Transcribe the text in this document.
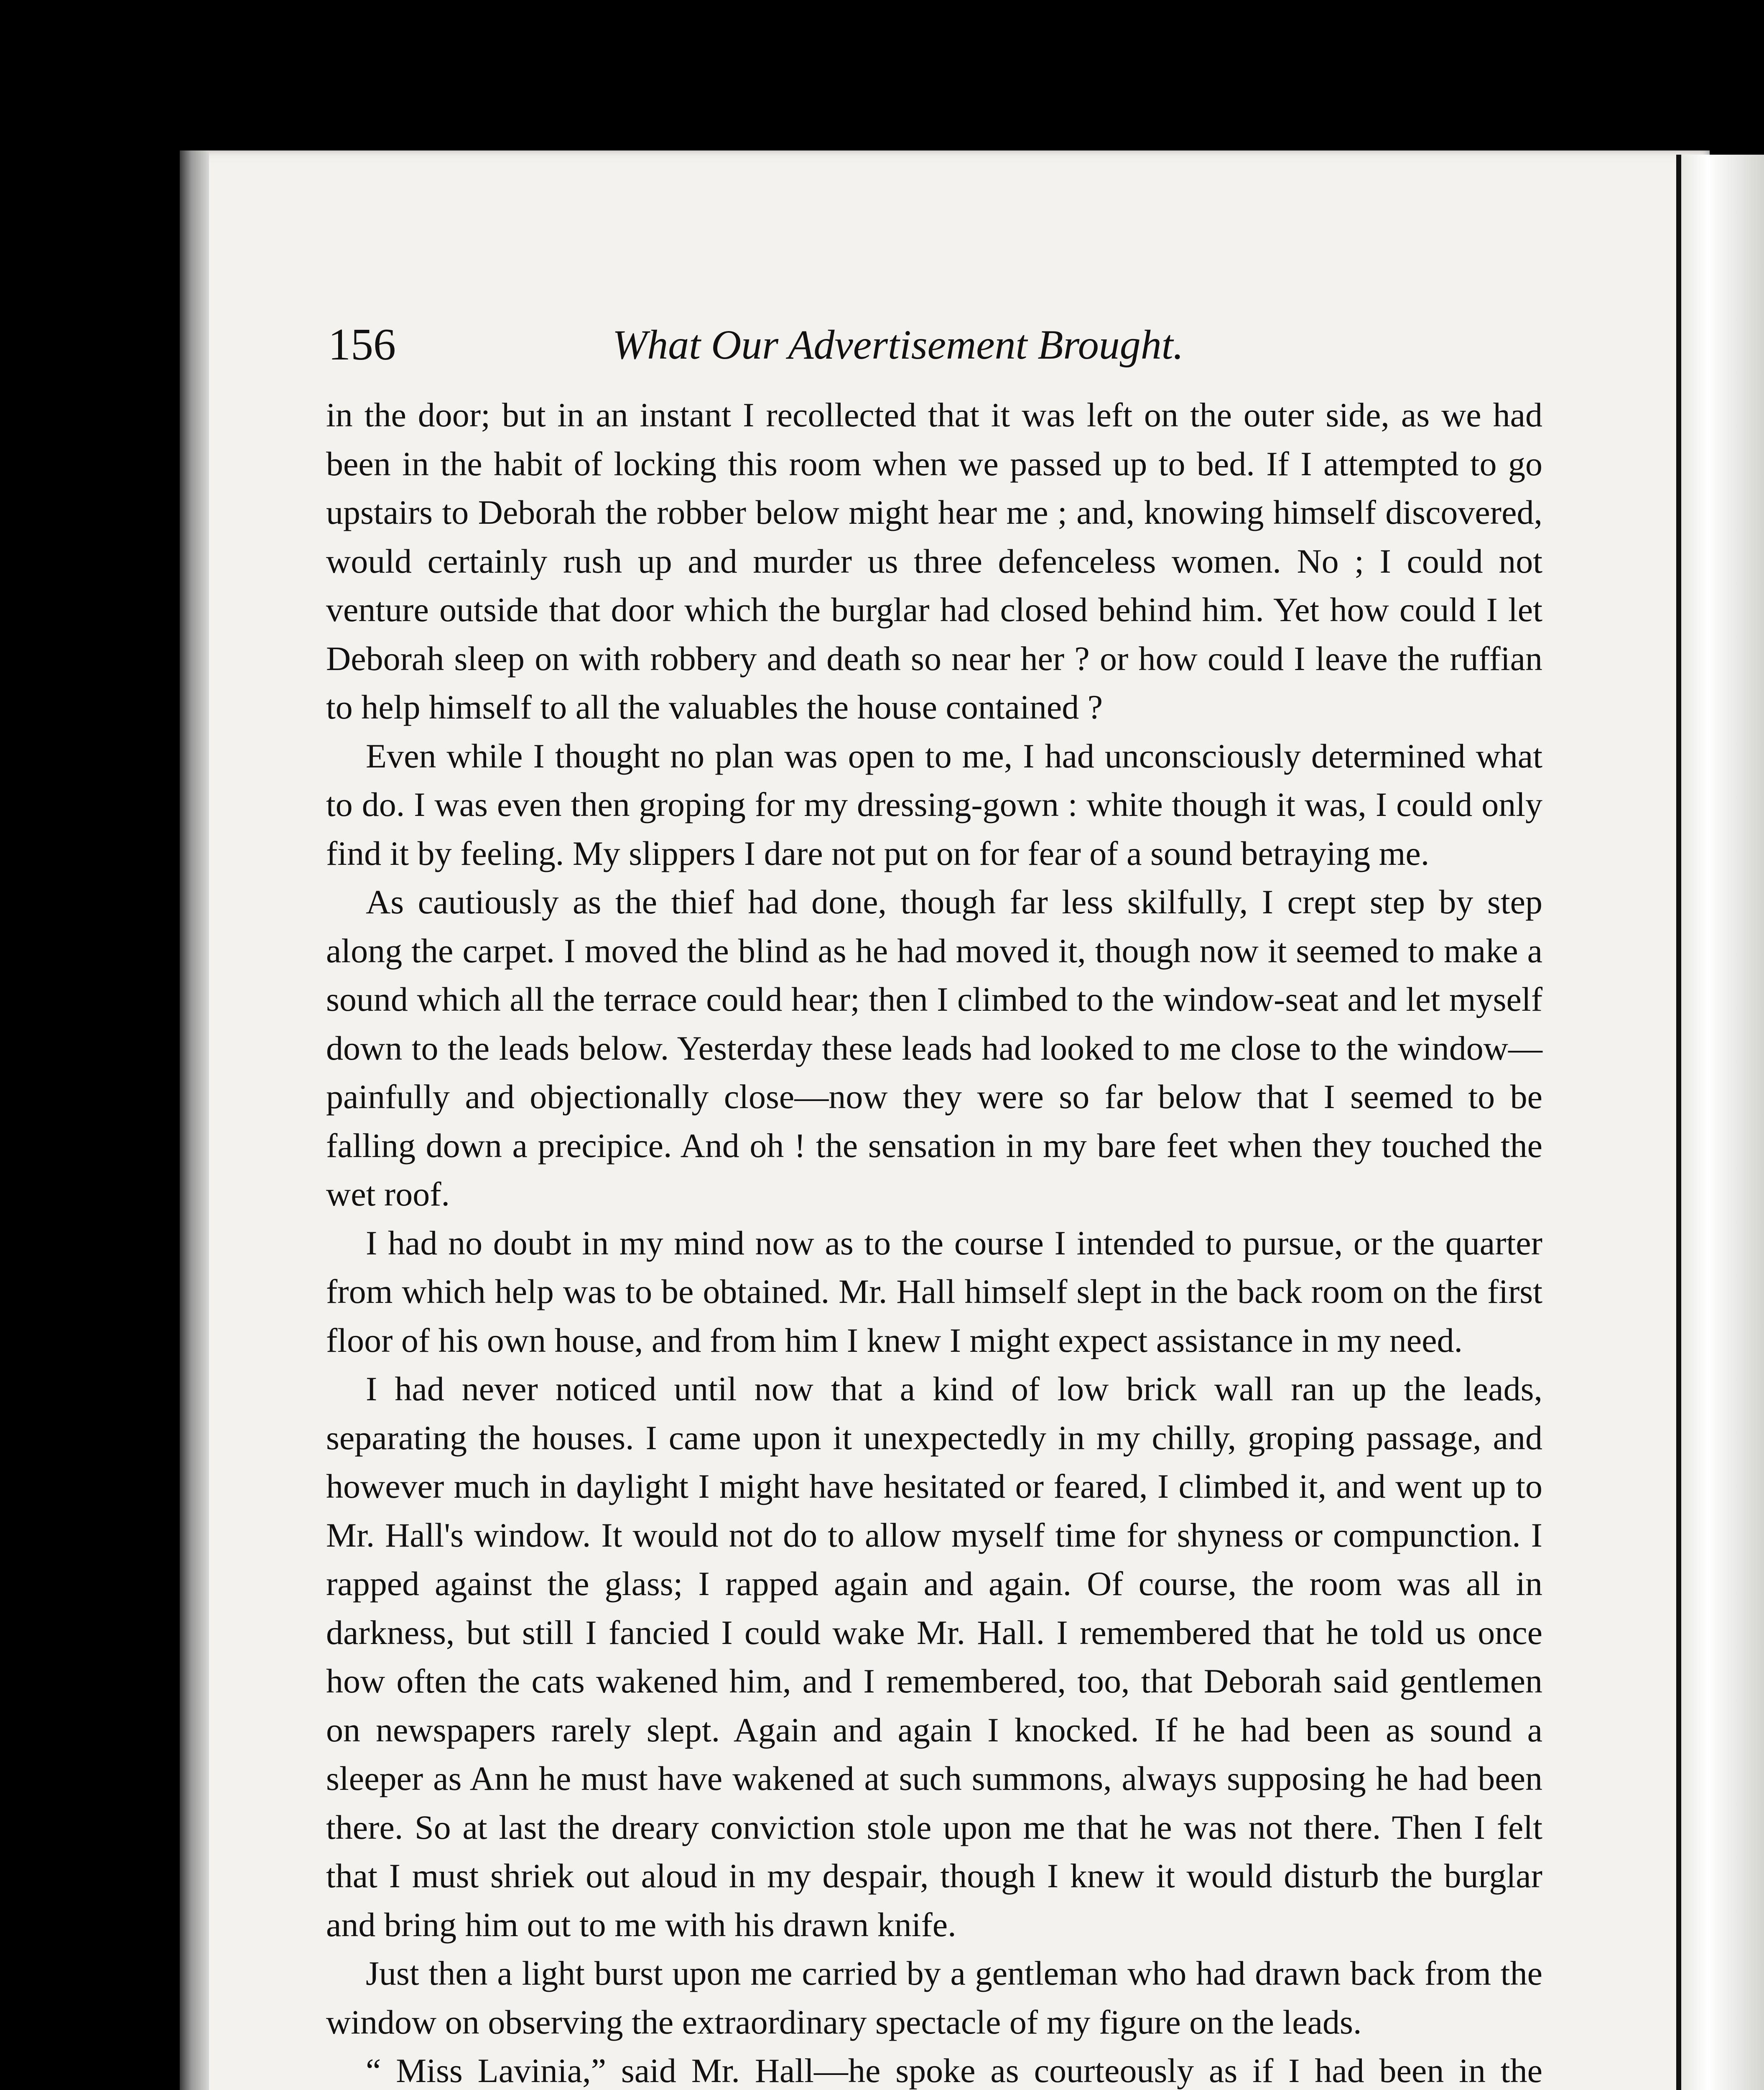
156	What Our Advertisement Brought.

in the door; but in an instant I recollected that it was left on the outer side, as we had been in the habit of locking this room when we passed up to bed. If I attempted to go upstairs to Deborah the robber below might hear me ; and, knowing himself discovered, would certainly rush up and murder us three defenceless women. No ; I could not venture outside that door which the burglar had closed behind him. Yet how could I let Deborah sleep on with robbery and death so near her ? or how could I leave the ruffian to help himself to all the valuables the house contained ?

Even while I thought no plan was open to me, I had unconsciously determined what to do. I was even then groping for my dressing-gown : white though it was, I could only find it by feeling. My slippers I dare not put on for fear of a sound betraying me.

As cautiously as the thief had done, though far less skilfully, I crept step by step along the carpet. I moved the blind as he had moved it, though now it seemed to make a sound which all the terrace could hear; then I climbed to the window-seat and let myself down to the leads below. Yesterday these leads had looked to me close to the window—painfully and objectionally close—now they were so far below that I seemed to be falling down a precipice. And oh ! the sensation in my bare feet when they touched the wet roof.

I had no doubt in my mind now as to the course I intended to pursue, or the quarter from which help was to be obtained. Mr. Hall himself slept in the back room on the first floor of his own house, and from him I knew I might expect assistance in my need.

I had never noticed until now that a kind of low brick wall ran up the leads, separating the houses. I came upon it unexpectedly in my chilly, groping passage, and however much in daylight I might have hesitated or feared, I climbed it, and went up to Mr. Hall's window. It would not do to allow myself time for shyness or compunction. I rapped against the glass; I rapped again and again. Of course, the room was all in darkness, but still I fancied I could wake Mr. Hall. I remembered that he told us once how often the cats wakened him, and I remembered, too, that Deborah said gentlemen on newspapers rarely slept. Again and again I knocked. If he had been as sound a sleeper as Ann he must have wakened at such summons, always supposing he had been there. So at last the dreary conviction stole upon me that he was not there. Then I felt that I must shriek out aloud in my despair, though I knew it would disturb the burglar and bring him out to me with his drawn knife.

Just then a light burst upon me carried by a gentleman who had drawn back from the window on observing the extraordinary spectacle of my figure on the leads.

“ Miss Lavinia,” said Mr. Hall—he spoke as courteously as if I had been in the
